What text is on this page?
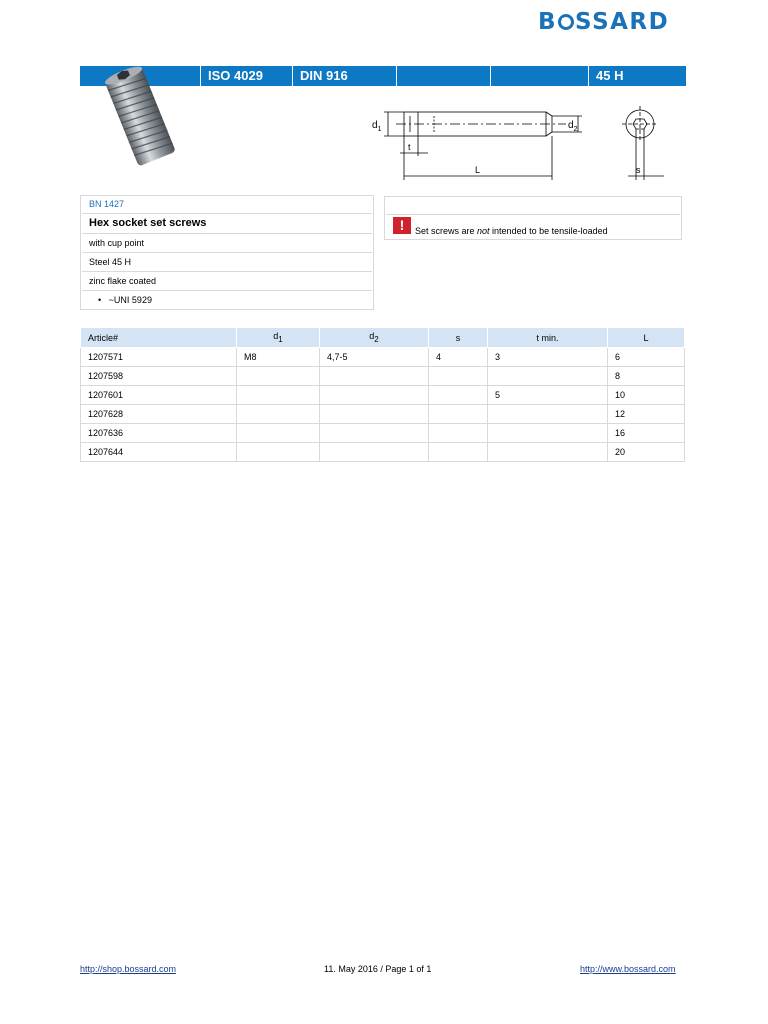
B SSARD
ISO 4029	DIN 916	45 H
$d_1$	$d_2$
t
L	s
BN 1427
Hex socket set screws
with cup point
Steel 45 H
zinc flake coated
• ~UNI 5929
!	Set screws are not intended to be tensile-loaded
Article#	$d_1$	$d_2$	s	t min.	L
1207571	M8	4,7-5	4	3	6
1207598					8
1207601				5	10
1207628					12
1207636					16
1207644					20
http://shop.bossard.com	11. May 2016 / Page 1 of 1	http://www.bossard.com
